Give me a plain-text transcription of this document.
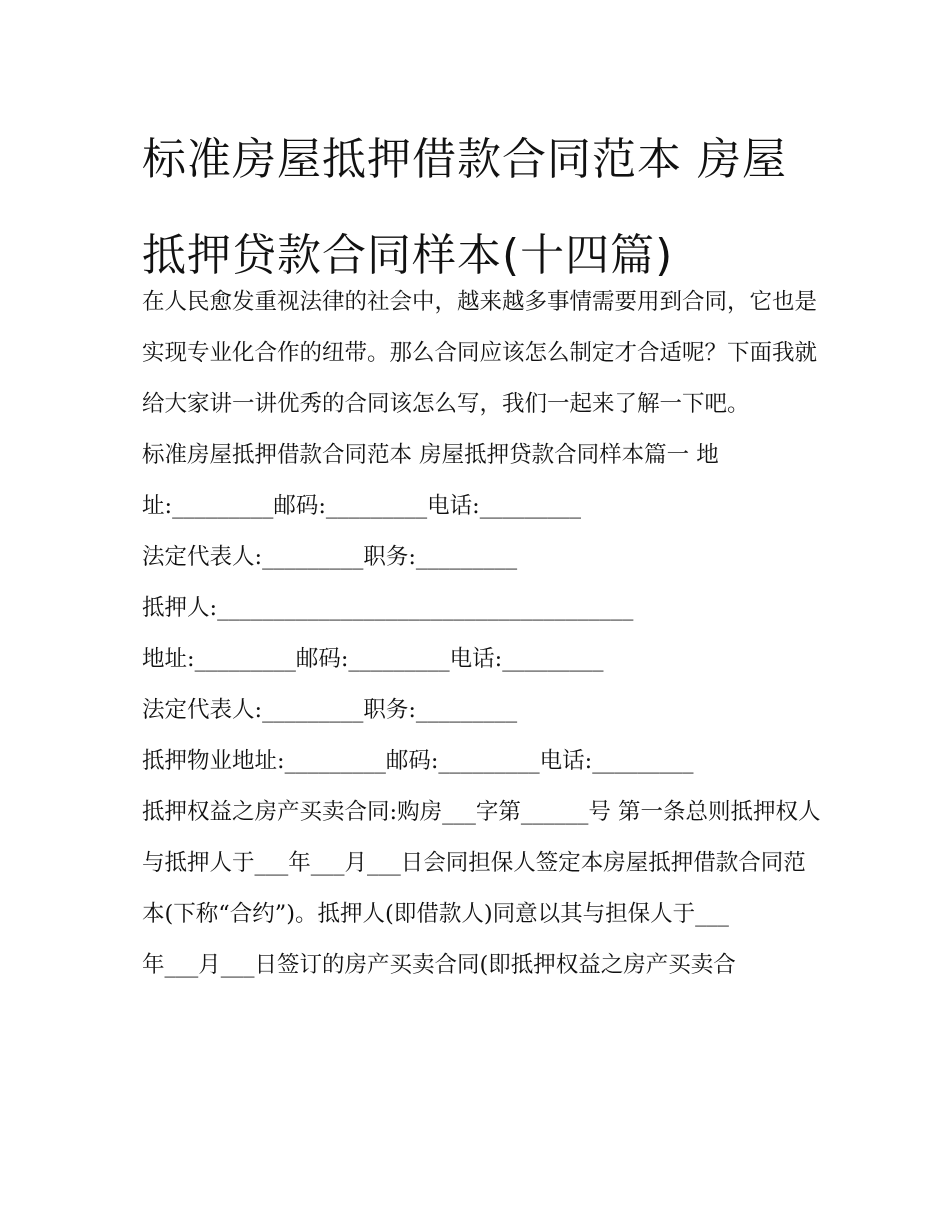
标准房屋抵押借款合同范本 房屋抵押贷款合同样本(十四篇)

在人民愈发重视法律的社会中，越来越多事情需要用到合同，它也是实现专业化合作的纽带。那么合同应该怎么制定才合适呢？下面我就给大家讲一讲优秀的合同该怎么写，我们一起来了解一下吧。

标准房屋抵押借款合同范本 房屋抵押贷款合同样本篇一 地址:_________邮码:_________电话:_________

法定代表人:_________职务:_________

抵押人:_____________________________________

地址:_________邮码:_________电话:_________

法定代表人:_________职务:_________

抵押物业地址:_________邮码:_________电话:_________

抵押权益之房产买卖合同:购房___字第______号 第一条总则抵押权人与抵押人于___年___月___日会同担保人签定本房屋抵押借款合同范本(下称“合约”)。抵押人(即借款人)同意以其与担保人于___

年___月___日签订的房产买卖合同(即抵押权益之房产买卖合
